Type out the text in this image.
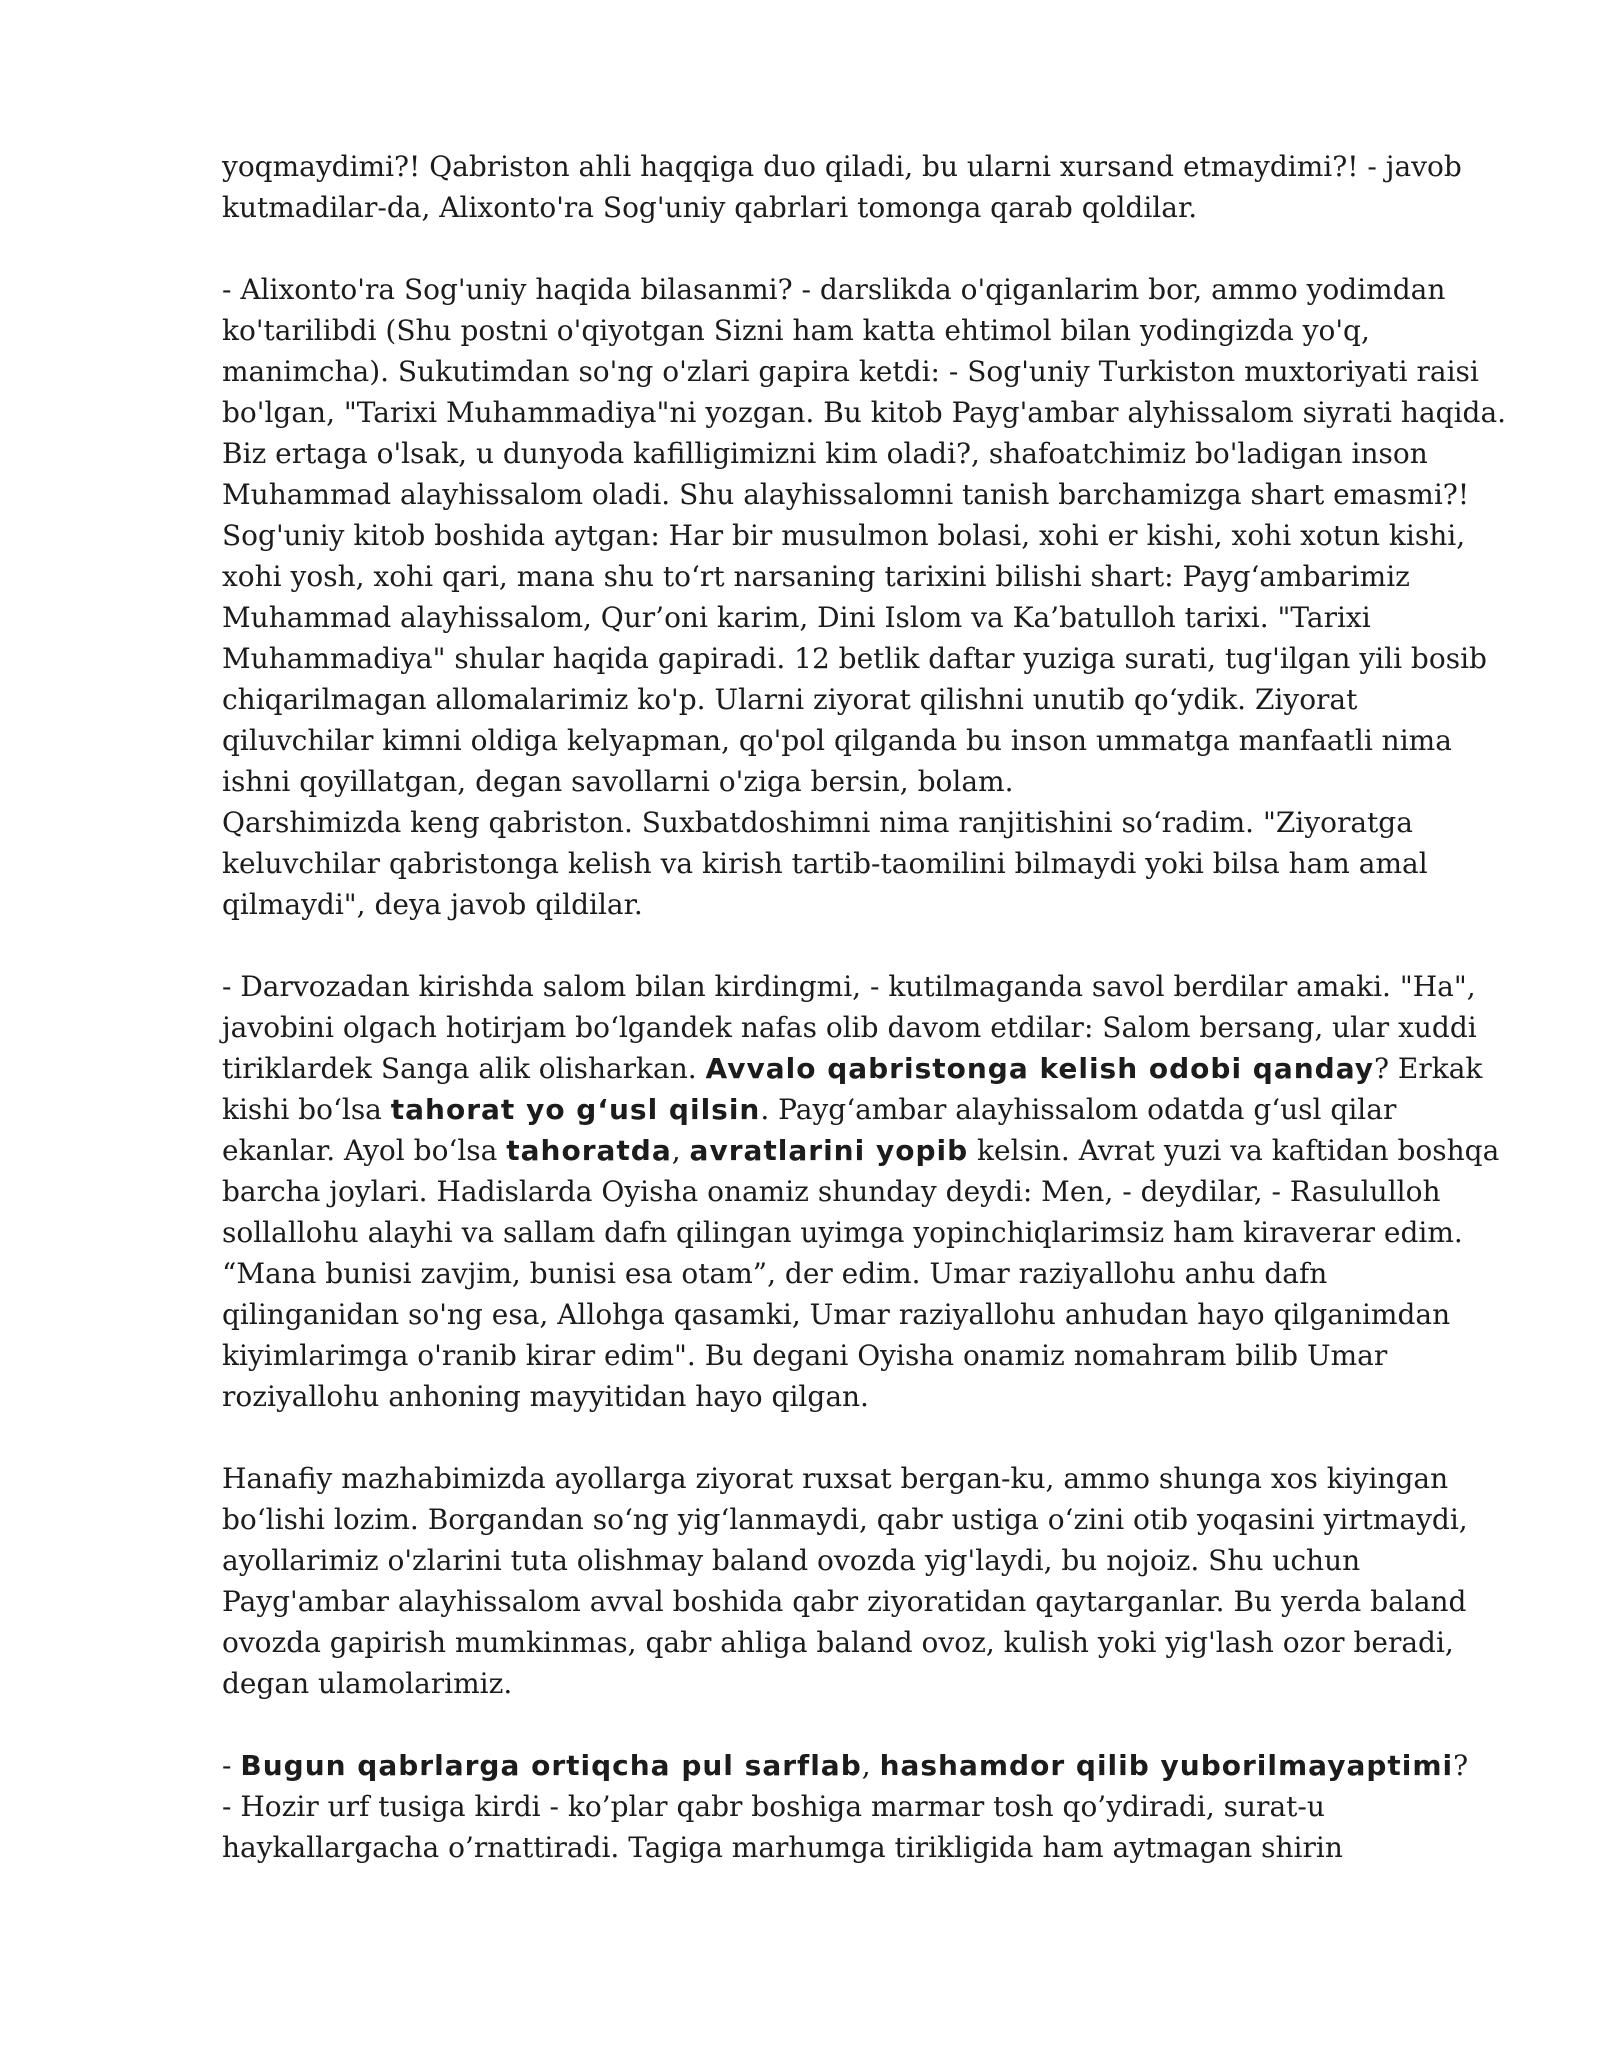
yoqmaydimi?! Qabriston ahli haqqiga duo qiladi, bu ularni xursand etmaydimi?! - javob kutmadilar-da, Alixonto'ra Sog'uniy qabrlari tomonga qarab qoldilar.

- Alixonto'ra Sog'uniy haqida bilasanmi? - darslikda o'qiganlarim bor, ammo yodimdan ko'tarilibdi (Shu postni o'qiyotgan Sizni ham katta ehtimol bilan yodingizda yo'q, manimcha). Sukutimdan so'ng o'zlari gapira ketdi: - Sog'uniy Turkiston muxtoriyati raisi bo'lgan, "Tarixi Muhammadiya"ni yozgan. Bu kitob Payg'ambar alyhissalom siyrati haqida. Biz ertaga o'lsak, u dunyoda kafilligimizni kim oladi?, shafoatchimiz bo'ladigan inson Muhammad alayhissalom oladi. Shu alayhissalomni tanish barchamizga shart emasmi?! Sog'uniy kitob boshida aytgan: Har bir musulmon bolasi, xohi er kishi, xohi xotun kishi, xohi yosh, xohi qari, mana shu to‘rt narsaning tarixini bilishi shart: Payg‘ambarimiz Muhammad alayhissalom, Qur’oni karim, Dini Islom va Ka’batulloh tarixi. "Tarixi Muhammadiya" shular haqida gapiradi. 12 betlik daftar yuziga surati, tug'ilgan yili bosib chiqarilmagan allomalarimiz ko'p. Ularni ziyorat qilishni unutib qo‘ydik. Ziyorat qiluvchilar kimni oldiga kelyapman, qo'pol qilganda bu inson ummatga manfaatli nima ishni qoyillatgan, degan savollarni o'ziga bersin, bolam.

Qarshimizda keng qabriston. Suxbatdoshimni nima ranjitishini so‘radim. "Ziyoratga keluvchilar qabristonga kelish va kirish tartib-taomilini bilmaydi yoki bilsa ham amal qilmaydi", deya javob qildilar.

- Darvozadan kirishda salom bilan kirdingmi, - kutilmaganda savol berdilar amaki. "Ha", javobini olgach hotirjam bo‘lgandek nafas olib davom etdilar: Salom bersang, ular xuddi tiriklardek Sanga alik olisharkan. Avvalo qabristonga kelish odobi qanday? Erkak kishi bo‘lsa tahorat yo g‘usl qilsin. Payg‘ambar alayhissalom odatda g‘usl qilar ekanlar. Ayol bo‘lsa tahoratda, avratlarini yopib kelsin. Avrat yuzi va kaftidan boshqa barcha joylari. Hadislarda Oyisha onamiz shunday deydi: Men, - deydilar, - Rasululloh sollallohu alayhi va sallam dafn qilingan uyimga yopinchiqlarimsiz ham kiraverar edim. “Mana bunisi zavjim, bunisi esa otam”, der edim. Umar raziyallohu anhu dafn qilinganidan so'ng esa, Allohga qasamki, Umar raziyallohu anhudan hayo qilganimdan kiyimlarimga o'ranib kirar edim". Bu degani Oyisha onamiz nomahram bilib Umar roziyallohu anhoning mayyitidan hayo qilgan.

Hanafiy mazhabimizda ayollarga ziyorat ruxsat bergan-ku, ammo shunga xos kiyingan bo‘lishi lozim. Borgandan so‘ng yig‘lanmaydi, qabr ustiga o‘zini otib yoqasini yirtmaydi, ayollarimiz o'zlarini tuta olishmay baland ovozda yig'laydi, bu nojoiz. Shu uchun Payg'ambar alayhissalom avval boshida qabr ziyoratidan qaytarganlar. Bu yerda baland ovozda gapirish mumkinmas, qabr ahliga baland ovoz, kulish yoki yig'lash ozor beradi, degan ulamolarimiz.

- Bugun qabrlarga ortiqcha pul sarflab, hashamdor qilib yuborilmayaptimi?

- Hozir urf tusiga kirdi - ko’plar qabr boshiga marmar tosh qo’ydiradi, surat-u haykallargacha o’rnattiradi. Tagiga marhumga tirikligida ham aytmagan shirin
